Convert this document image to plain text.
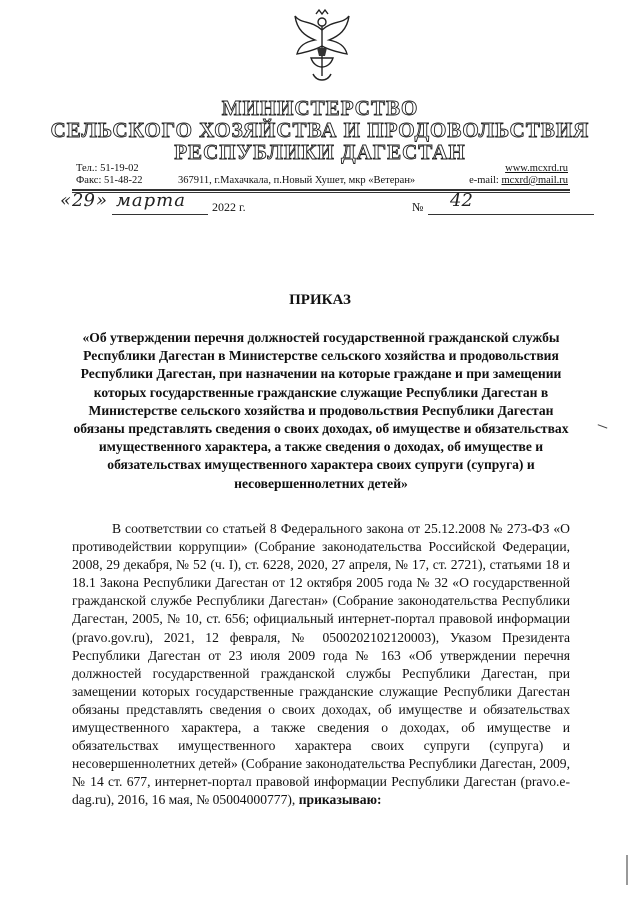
МИНИСТЕРСТВО
СЕЛЬСКОГО ХОЗЯЙСТВА И ПРОДОВОЛЬСТВИЯ
РЕСПУБЛИКИ ДАГЕСТАН
Тел.: 51-19-02
Факс: 51-48-22	367911, г.Махачкала, п.Новый Хушет, мкр «Ветеран»
www.mcxrd.ru
e-mail: mcxrd@mail.ru
« 29 » марта 2022 г.	№ 42
ПРИКАЗ
«Об утверждении перечня должностей государственной гражданской службы Республики Дагестан в Министерстве сельского хозяйства и продовольствия Республики Дагестан, при назначении на которые граждане и при замещении которых государственные гражданские служащие Республики Дагестан в Министерстве сельского хозяйства и продовольствия Республики Дагестан обязаны представлять сведения о своих доходах, об имуществе и обязательствах имущественного характера, а также сведения о доходах, об имуществе и обязательствах имущественного характера своих супруги (супруга) и несовершеннолетних детей»

В соответствии со статьей 8 Федерального закона от 25.12.2008 № 273-ФЗ «О противодействии коррупции» (Собрание законодательства Российской Федерации, 2008, 29 декабря, № 52 (ч. I), ст. 6228, 2020, 27 апреля, № 17, ст. 2721), статьями 18 и 18.1 Закона Республики Дагестан от 12 октября 2005 года № 32 «О государственной гражданской службе Республики Дагестан» (Собрание законодательства Республики Дагестан, 2005, № 10, ст. 656; официальный интернет-портал правовой информации (pravo.gov.ru), 2021, 12 февраля, № 0500202102120003), Указом Президента Республики Дагестан от 23 июля 2009 года № 163 «Об утверждении перечня должностей государственной гражданской службы Республики Дагестан, при замещении которых государственные гражданские служащие Республики Дагестан обязаны представлять сведения о своих доходах, об имуществе и обязательствах имущественного характера, а также сведения о доходах, об имуществе и обязательствах имущественного характера своих супруги (супруга) и несовершеннолетних детей» (Собрание законодательства Республики Дагестан, 2009, № 14 ст. 677, интернет-портал правовой информации Республики Дагестан (pravo.e-dag.ru), 2016, 16 мая, № 05004000777), приказываю:
